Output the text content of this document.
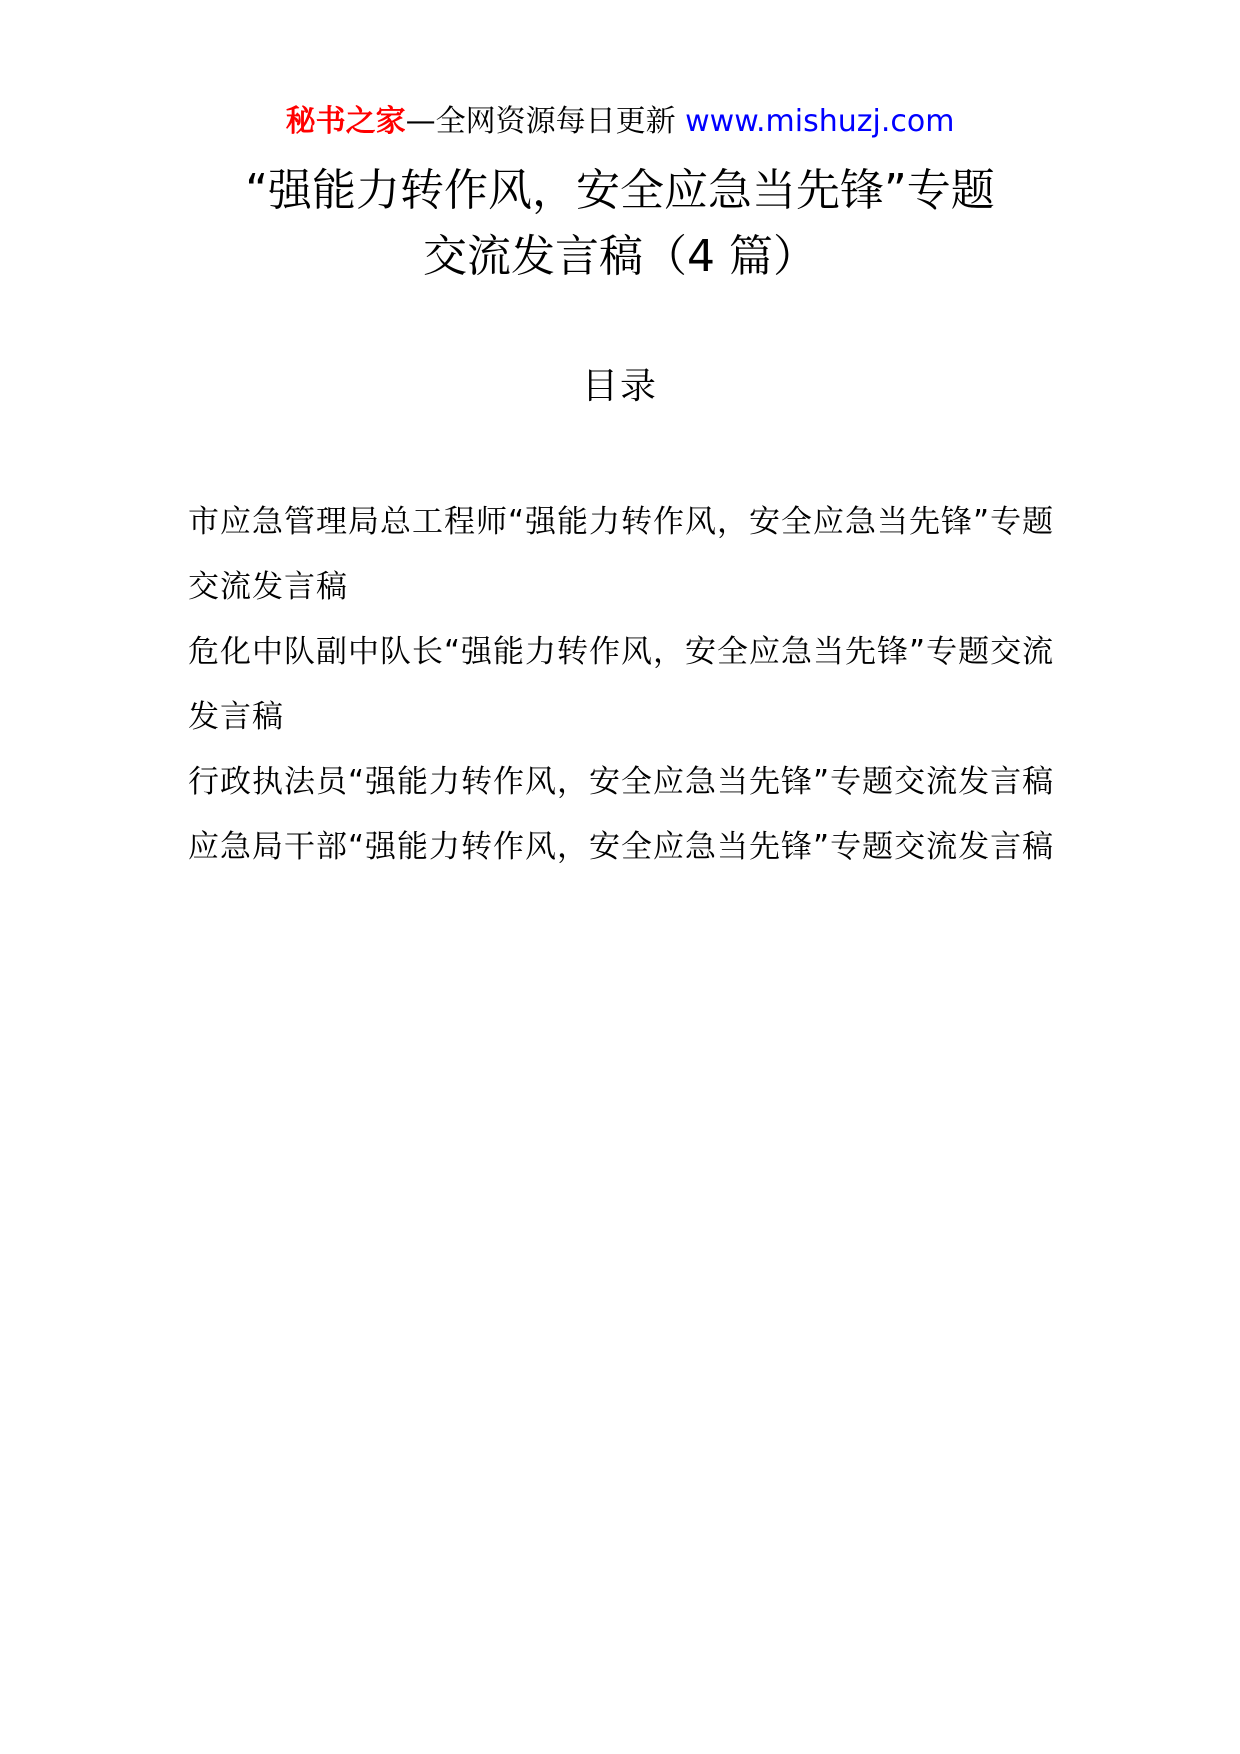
秘书之家—全网资源每日更新 www.mishuzj.com
“强能力转作风，安全应急当先锋”专题
交流发言稿（4 篇）
目录
市应急管理局总工程师“强能力转作风，安全应急当先锋”专题交流发言稿
危化中队副中队长“强能力转作风，安全应急当先锋”专题交流发言稿
行政执法员“强能力转作风，安全应急当先锋”专题交流发言稿
应急局干部“强能力转作风，安全应急当先锋”专题交流发言稿
